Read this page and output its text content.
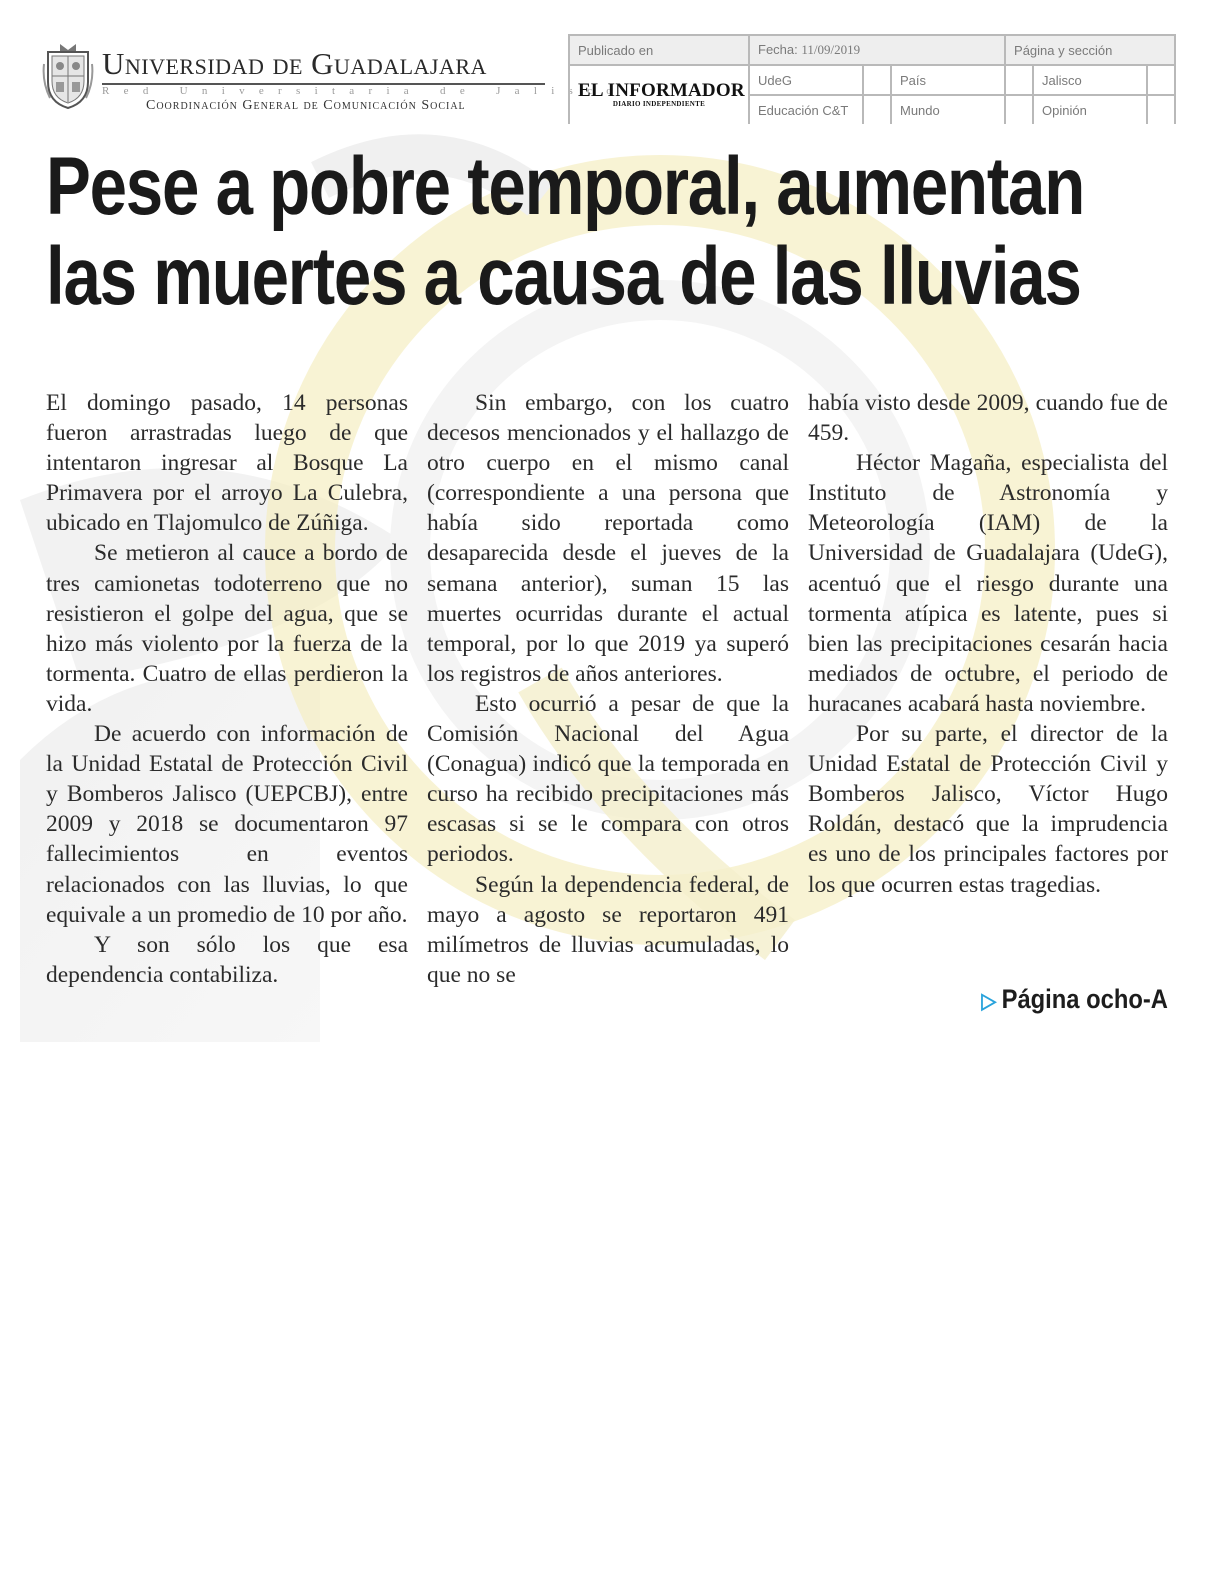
Universidad de Guadalajara
Red Universitaria de Jalisco
Coordinación General de Comunicación Social
Publicado en	Fecha: 11/09/2019			Página y sección		

EL INFORMADOR
DIARIO INDEPENDIENTE	UdeG		País		Jalisco	
	Educación C&T		Mundo		Opinión	
Pese a pobre temporal, aumentan
las muertes a causa de las lluvias

El domingo pasado, 14 personas fueron arrastradas luego de que intentaron ingresar al Bosque La Primavera por el arroyo La Culebra, ubicado en Tlajomulco de Zúñiga.

Se metieron al cauce a bordo de tres camionetas todoterreno que no resistieron el golpe del agua, que se hizo más violento por la fuerza de la tormenta. Cuatro de ellas perdieron la vida.

De acuerdo con información de la Unidad Estatal de Protección Civil y Bomberos Jalisco (UEPCBJ), entre 2009 y 2018 se documentaron 97 fallecimientos en eventos relacionados con las lluvias, lo que equivale a un promedio de 10 por año.

Y son sólo los que esa dependencia contabiliza.

Sin embargo, con los cuatro decesos mencionados y el hallazgo de otro cuerpo en el mismo canal (correspondiente a una persona que había sido reportada como desaparecida desde el jueves de la semana anterior), suman 15 las muertes ocurridas durante el actual temporal, por lo que 2019 ya superó los registros de años anteriores.

Esto ocurrió a pesar de que la Comisión Nacional del Agua (Conagua) indicó que la temporada en curso ha recibido precipitaciones más escasas si se le compara con otros periodos.

Según la dependencia federal, de mayo a agosto se reportaron 491 milímetros de lluvias acumuladas, lo que no se

había visto desde 2009, cuando fue de 459.

Héctor Magaña, especialista del Instituto de Astronomía y Meteorología (IAM) de la Universidad de Guadalajara (UdeG), acentuó que el riesgo durante una tormenta atípica es latente, pues si bien las precipitaciones cesarán hacia mediados de octubre, el periodo de huracanes acabará hasta noviembre.

Por su parte, el director de la Unidad Estatal de Protección Civil y Bomberos Jalisco, Víctor Hugo Roldán, destacó que la imprudencia es uno de los principales factores por los que ocurren estas tragedias.

▷ Página ocho-A
